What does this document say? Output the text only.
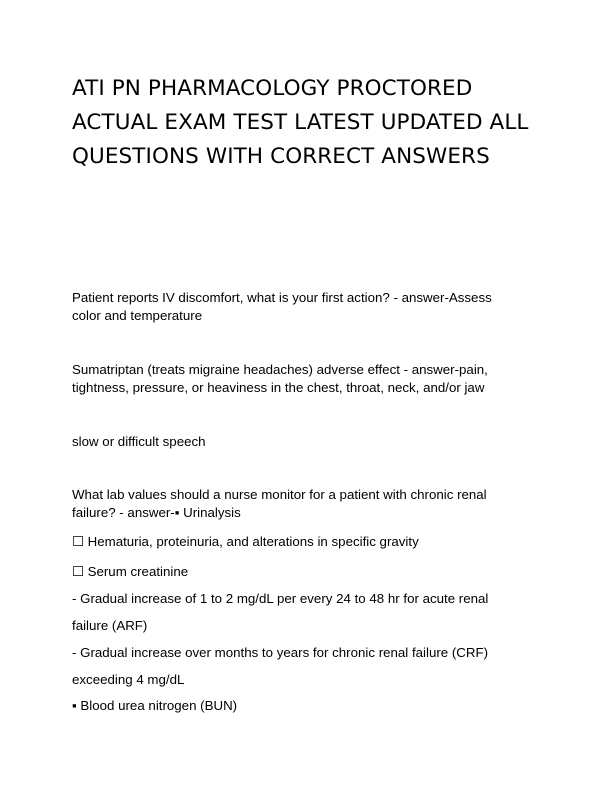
ATI PN PHARMACOLOGY PROCTORED
ACTUAL EXAM TEST LATEST UPDATED ALL
QUESTIONS WITH CORRECT ANSWERS

Patient reports IV discomfort, what is your first action? - answer-Assess
color and temperature

Sumatriptan (treats migraine headaches) adverse effect - answer-pain,
tightness, pressure, or heaviness in the chest, throat, neck, and/or jaw

slow or difficult speech

What lab values should a nurse monitor for a patient with chronic renal
failure? - answer-▪ Urinalysis

☐ Hematuria, proteinuria, and alterations in specific gravity

☐ Serum creatinine

- Gradual increase of 1 to 2 mg/dL per every 24 to 48 hr for acute renal

failure (ARF)

- Gradual increase over months to years for chronic renal failure (CRF)

exceeding 4 mg/dL

▪ Blood urea nitrogen (BUN)
